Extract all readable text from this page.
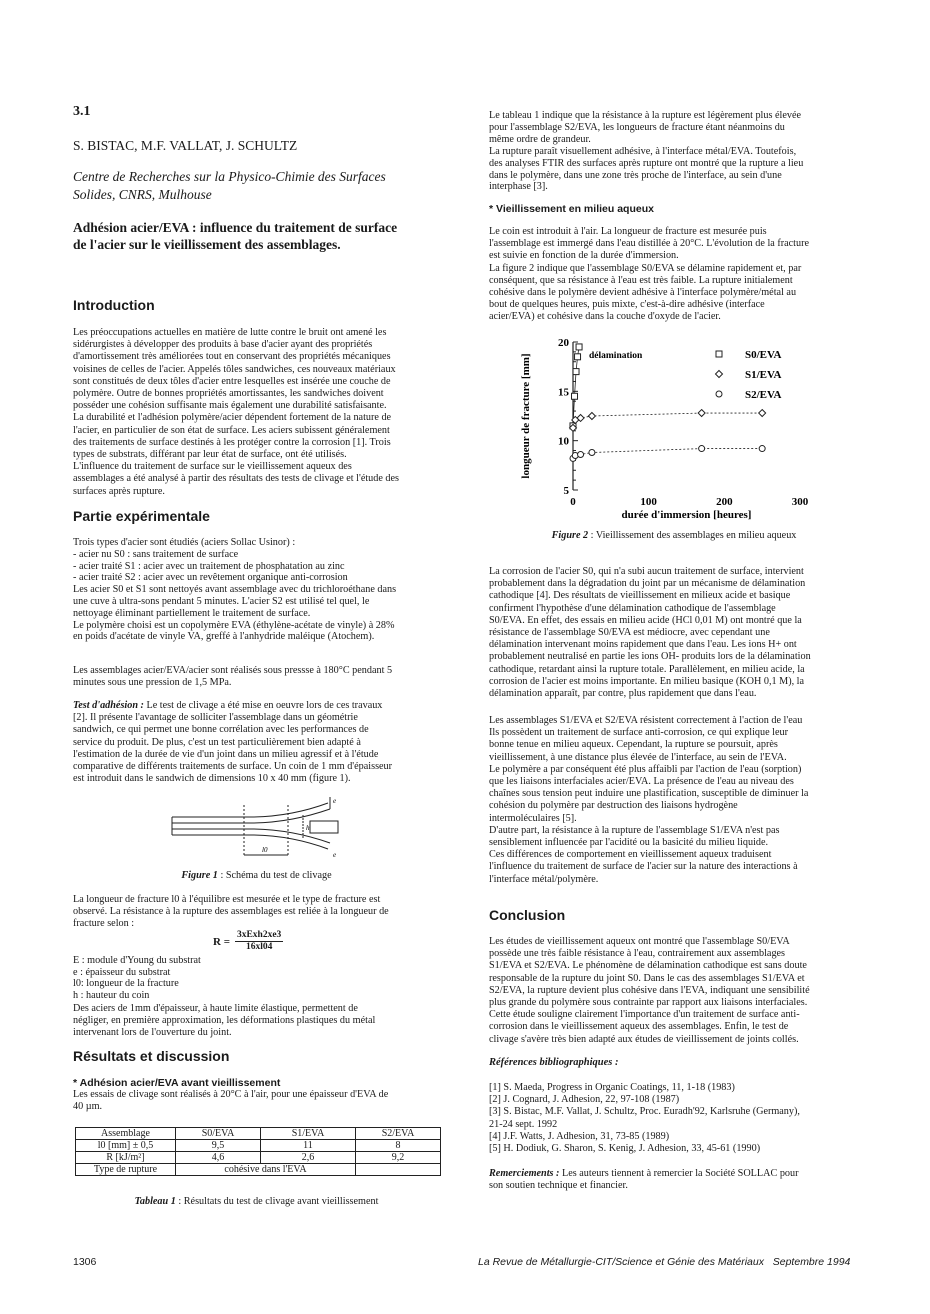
3.1
S. BISTAC, M.F. VALLAT, J. SCHULTZ
Centre de Recherches sur la Physico-Chimie des Surfaces
Solides, CNRS, Mulhouse
Adhésion acier/EVA : influence du traitement de surface
de l'acier sur le vieillissement des assemblages.
Introduction
Les préoccupations actuelles en matière de lutte contre le bruit ont amené les
sidérurgistes à développer des produits à base d'acier ayant des propriétés
d'amortissement très améliorées tout en conservant des propriétés mécaniques
voisines de celles de l'acier. Appelés tôles sandwiches, ces nouveaux matériaux
sont constitués de deux tôles d'acier entre lesquelles est insérée une couche de
polymère. Outre de bonnes propriétés amortissantes, les sandwiches doivent
posséder une cohésion suffisante mais également une durabilité satisfaisante.
La durabilité et l'adhésion polymère/acier dépendent fortement de la nature de
l'acier, en particulier de son état de surface. Les aciers subissent généralement
des traitements de surface destinés à les protéger contre la corrosion [1]. Trois
types de substrats, différant par leur état de surface, ont été utilisés.
L'influence du traitement de surface sur le vieillissement aqueux des
assemblages a été analysé à partir des résultats des tests de clivage et l'étude des
surfaces après rupture.
Partie expérimentale
Trois types d'acier sont étudiés (aciers Sollac Usinor) :
- acier nu S0 : sans traitement de surface
- acier traité S1 : acier avec un traitement de phosphatation au zinc
- acier traité S2 : acier avec un revêtement organique anti-corrosion
Les acier S0 et S1 sont nettoyés avant assemblage avec du trichloroéthane dans
une cuve à ultra-sons pendant 5 minutes. L'acier S2 est utilisé tel quel, le
nettoyage éliminant partiellement le traitement de surface.
Le polymère choisi est un copolymère EVA (éthylène-acétate de vinyle) à 28%
en poids d'acétate de vinyle VA, greffé à l'anhydride maléique (Atochem).
Les assemblages acier/EVA/acier sont réalisés sous pressse à 180°C pendant 5
minutes sous une pression de 1,5 MPa.
Test d'adhésion : Le test de clivage a été mise en oeuvre lors de ces travaux
[2]. Il présente l'avantage de solliciter l'assemblage dans un géométrie
sandwich, ce qui permet une bonne corrélation avec les performances de
service du produit. De plus, c'est un test particulièrement bien adapté à
l'estimation de la durée de vie d'un joint dans un milieu agressif et à l'étude
comparative de différents traitements de surface. Un coin de 1 mm d'épaisseur
est introduit dans le sandwich de dimensions 10 x 40 mm (figure 1).
e
h
l0
e
Figure 1 : Schéma du test de clivage
La longueur de fracture l0 à l'équilibre est mesurée et le type de fracture est
observé. La résistance à la rupture des assemblages est reliée à la longueur de
fracture selon :
R =
3xExh2xe3
16xl04
E : module d'Young du substrat
e : épaisseur du substrat
l0: longueur de la fracture
h : hauteur du coin
Des aciers de 1mm d'épaisseur, à haute limite élastique, permettent de
négliger, en première approximation, les déformations plastiques du métal
intervenant lors de l'ouverture du joint.
Résultats et discussion
* Adhésion acier/EVA avant vieillissement
Les essais de clivage sont réalisés à 20°C à l'air, pour une épaisseur d'EVA de
40 µm.
Assemblage	S0/EVA	S1/EVA	S2/EVA
l0 [mm] ± 0,5	9,5	11	8
R [kJ/m²]	4,6	2,6	9,2
Type de rupture	cohésive dans l'EVA		
Tableau 1 : Résultats du test de clivage avant vieillissement
Le tableau 1 indique que la résistance à la rupture est légèrement plus élevée
pour l'assemblage S2/EVA, les longueurs de fracture étant néanmoins du
même ordre de grandeur.
La rupture paraît visuellement adhésive, à l'interface métal/EVA. Toutefois,
des analyses FTIR des surfaces après rupture ont montré que la rupture a lieu
dans le polymère, dans une zone très proche de l'interface, au sein d'une
interphase [3].
* Vieillissement en milieu aqueux
Le coin est introduit à l'air. La longueur de fracture est mesurée puis
l'assemblage est immergé dans l'eau distillée à 20°C. L'évolution de la fracture
est suivie en fonction de la durée d'immersion.
La figure 2 indique que l'assemblage S0/EVA se délamine rapidement et, par
conséquent, que sa résistance à l'eau est très faible. La rupture initialement
cohésive dans le polymère devient adhésive à l'interface polymère/métal au
bout de quelques heures, puis mixte, c'est-à-dire adhésive (interface
acier/EVA) et cohésive dans la couche d'oxyde de l'acier.
5
10
15
20
0	100	200	300
durée d'immersion [heures]
longueur de fracture [mm]	délamination	S0/EVA
S1/EVA
S2/EVA
Figure 2 : Vieillissement des assemblages en milieu aqueux
La corrosion de l'acier S0, qui n'a subi aucun traitement de surface, intervient
probablement dans la dégradation du joint par un mécanisme de délamination
cathodique [4]. Des résultats de vieillissement en milieux acide et basique
confirment l'hypothèse d'une délamination cathodique de l'assemblage
S0/EVA. En effet, des essais en milieu acide (HCl 0,01 M) ont montré que la
résistance de l'assemblage S0/EVA est médiocre, avec cependant une
délamination intervenant moins rapidement que dans l'eau. Les ions H+ ont
probablement neutralisé en partie les ions OH- produits lors de la délamination
cathodique, retardant ainsi la rupture totale. Parallèlement, en milieu acide, la
corrosion de l'acier est moins importante. En milieu basique (KOH 0,1 M), la
délamination apparaît, par contre, plus rapidement que dans l'eau.
Les assemblages S1/EVA et S2/EVA résistent correctement à l'action de l'eau
Ils possèdent un traitement de surface anti-corrosion, ce qui explique leur
bonne tenue en milieu aqueux. Cependant, la rupture se poursuit, après
vieillissement, à une distance plus élevée de l'interface, au sein de l'EVA.
Le polymère a par conséquent été plus affaibli par l'action de l'eau (sorption)
que les liaisons interfaciales acier/EVA. La présence de l'eau au niveau des
chaînes sous tension peut induire une plastification, susceptible de diminuer la
cohésion du polymère par destruction des liaisons hydrogène
intermoléculaires [5].
D'autre part, la résistance à la rupture de l'assemblage S1/EVA n'est pas
sensiblement influencée par l'acidité ou la basicité du milieu liquide.
Ces différences de comportement en vieillissement aqueux traduisent
l'influence du traitement de surface de l'acier sur la nature des interactions à
l'interface métal/polymère.
Conclusion
Les études de vieillissement aqueux ont montré que l'assemblage S0/EVA
possède une très faible résistance à l'eau, contrairement aux assemblages
S1/EVA et S2/EVA. Le phénomène de délamination cathodique est sans doute
responsable de la rupture du joint S0. Dans le cas des assemblages S1/EVA et
S2/EVA, la rupture devient plus cohésive dans l'EVA, indiquant une sensibilité
plus grande du polymère sous contrainte par rapport aux liaisons interfaciales.
Cette étude souligne clairement l'importance d'un traitement de surface anti-
corrosion dans le vieillissement aqueux des assemblages. Enfin, le test de
clivage s'avère très bien adapté aux études de vieillissement de joints collés.
Références bibliographiques :
[1] S. Maeda, Progress in Organic Coatings, 11, 1-18 (1983)
[2] J. Cognard, J. Adhesion, 22, 97-108 (1987)
[3] S. Bistac, M.F. Vallat, J. Schultz, Proc. Euradh'92, Karlsruhe (Germany),
21-24 sept. 1992
[4] J.F. Watts, J. Adhesion, 31, 73-85 (1989)
[5] H. Dodiuk, G. Sharon, S. Kenig, J. Adhesion, 33, 45-61 (1990)
Remerciements : Les auteurs tiennent à remercier la Société SOLLAC pour
son soutien technique et financier.
1306	La Revue de Métallurgie-CIT/Science et Génie des Matériaux Septembre 1994
